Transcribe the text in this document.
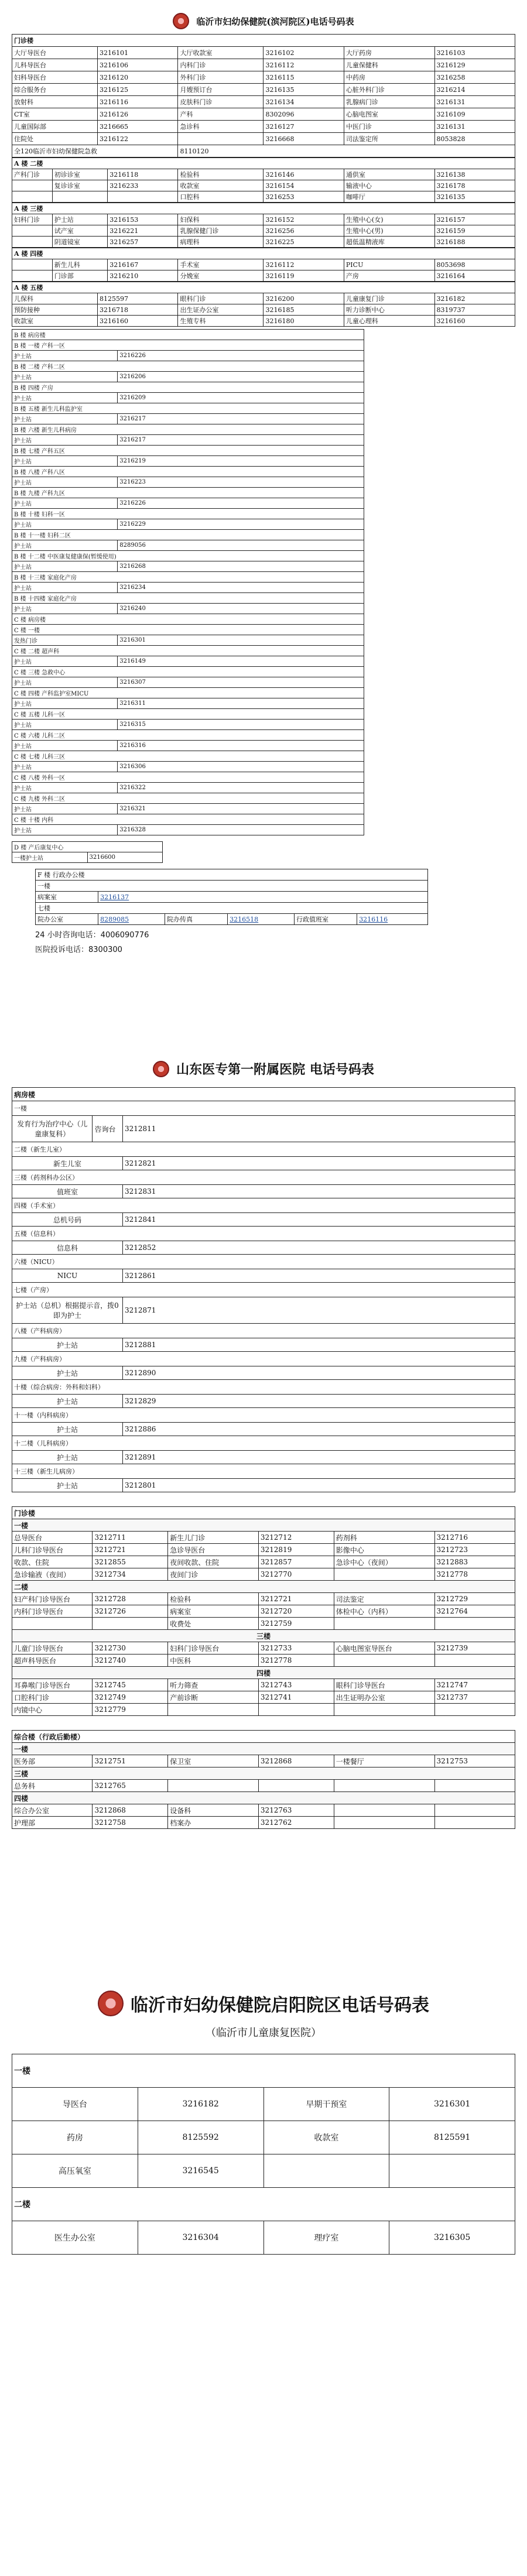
临沂市妇幼保健院(滨河院区)电话号码表
门诊楼					
大厅导医台	3216101	大厅收款室	3216102	大厅药房	3216103
儿科导医台	3216106	内科门诊	3216112	儿童保健科	3216129
妇科导医台	3216120	外科门诊	3216115	中药房	3216258
综合服务台	3216125	月嫂预订台	3216135	心脏外科门诊	3216214
放射科	3216116	皮肤科门诊	3216134	乳腺病门诊	3216131
CT室	3216126	产科	8302096	心脑电图室	3216109
儿童国际部	3216665	急诊科	3216127	中医门诊	3216131
住院处	3216122		3216668	司法鉴定所	8053828
全120临沂市妇幼保健院急救		8110120			
A 楼 二楼						
产科门诊	初诊诊室	3216118	检验科	3216146	通供室	3216138
	复诊诊室	3216233	收款室	3216154	输液中心	3216178
			口腔科	3216253	咖啡厅	3216135
A 楼 三楼						
妇科门诊	护士站	3216153	妇保科	3216152	生殖中心(女)	3216157
	试产室	3216221	乳腺保健门诊	3216256	生殖中心(男)	3216159
	阴道镜室	3216257	病理科	3216225	超低温精液库	3216188
A 楼 四楼						
	新生儿科	3216167	手术室	3216112	PICU	8053698
	门诊部	3216210	分娩室	3216119	产房	3216164
A 楼 五楼					
儿保科	8125597	眼科门诊	3216200	儿童康复门诊	3216182
预防接种	3216718	出生证办公室	3216185	听力诊断中心	8319737
收款室	3216160	生殖专科	3216180	儿童心理科	3216160
B 楼 病房楼	
B 楼 一楼 产科一区	
护士站	3216226
B 楼 二楼 产科二区	
护士站	3216206
B 楼 四楼 产房	
护士站	3216209
B 楼 五楼 新生儿科监护室	
护士站	3216217
B 楼 六楼 新生儿科病房	
护士站	3216217
B 楼 七楼 产科五区	
护士站	3216219
B 楼 八楼 产科八区	
护士站	3216223
B 楼 九楼 产科九区	
护士站	3216226
B 楼 十楼 妇科一区	
护士站	3216229
B 楼 十一楼 妇科二区	
护士站	8289056
B 楼 十二楼 中医康复健康保(暂缓使用)	
护士站	3216268
B 楼 十三楼 家庭化产房	
护士站	3216234
B 楼 十四楼 家庭化产房	
护士站	3216240
C 楼 病房楼	
C 楼 一楼	
发热门诊	3216301
C 楼 二楼 超声科	
护士站	3216149
C 楼 三楼 急救中心	
护士站	3216307
C 楼 四楼 产科监护室MICU	
护士站	3216311
C 楼 五楼 儿科一区	
护士站	3216315
C 楼 六楼 儿科二区	
护士站	3216316
C 楼 七楼 儿科三区	
护士站	3216306
C 楼 八楼 外科一区	
护士站	3216322
C 楼 九楼 外科二区	
护士站	3216321
C 楼 十楼 内科	
护士站	3216328
D 楼 产后康复中心
一楼护士站	3216600
F 楼 行政办公楼					
一楼					
病案室	3216137				
七楼					
院办公室	8289085	院办传真	3216518	行政值班室	3216116
24 小时咨询电话：4006090776
医院投诉电话：8300300
山东医专第一附属医院 电话号码表
病房楼		
一楼		
发育行为治疗中心（儿童康复科）	咨询台	3212811
二楼（新生儿室）		
新生儿室		3212821
三楼（药剂科办公区）		
值班室		3212831
四楼（手术室）		
总机号码		3212841
五楼（信息科）		
信息科		3212852
六楼（NICU）		
NICU		3212861
七楼（产房）		
护士站（总机）根据提示音，拨0即为护士		3212871
八楼（产科病房）		
护士站		3212881
九楼（产科病房）		
护士站		3212890
十楼（综合病房：外科和妇科）		
护士站		3212829
十一楼（内科病房）		
护士站		3212886
十二楼（儿科病房）		
护士站		3212891
十三楼（新生儿病房）		
护士站		3212801
门诊楼					
一楼					
总导医台	3212711	新生儿门诊	3212712	药剂科	3212716
儿科门诊导医台	3212721	急诊导医台	3212819	影像中心	3212723
收款、住院	3212855	夜间收款、住院	3212857	急诊中心（夜间）	3212883
急诊输液（夜间）	3212734	夜间门诊	3212770		3212778
二楼					
妇产科门诊导医台	3212728	检验科	3212721	司法鉴定	3212729
内科门诊导医台	3212726	病案室	3212720	体检中心（内科）	3212764
		收费处	3212759		
三楼					
儿童门诊导医台	3212730	妇科门诊导医台	3212733	心脑电图室导医台	3212739
超声科导医台	3212740	中医科	3212778		
四楼					
耳鼻喉门诊导医台	3212745	听力筛查	3212743	眼科门诊导医台	3212747
口腔科门诊	3212749	产前诊断	3212741	出生证明办公室	3212737
内镜中心	3212779				
综合楼（行政后勤楼）					
一楼					
医务部	3212751	保卫室	3212868	一楼餐厅	3212753
三楼					
总务科	3212765				
四楼					
综合办公室	3212868	设备科	3212763		
护理部	3212758	档案办	3212762		
临沂市妇幼保健院启阳院区电话号码表
（临沂市儿童康复医院）
一楼			
导医台	3216182	早期干预室	3216301
药房	8125592	收款室	8125591
高压氧室	3216545		
二楼			
医生办公室	3216304	理疗室	3216305
